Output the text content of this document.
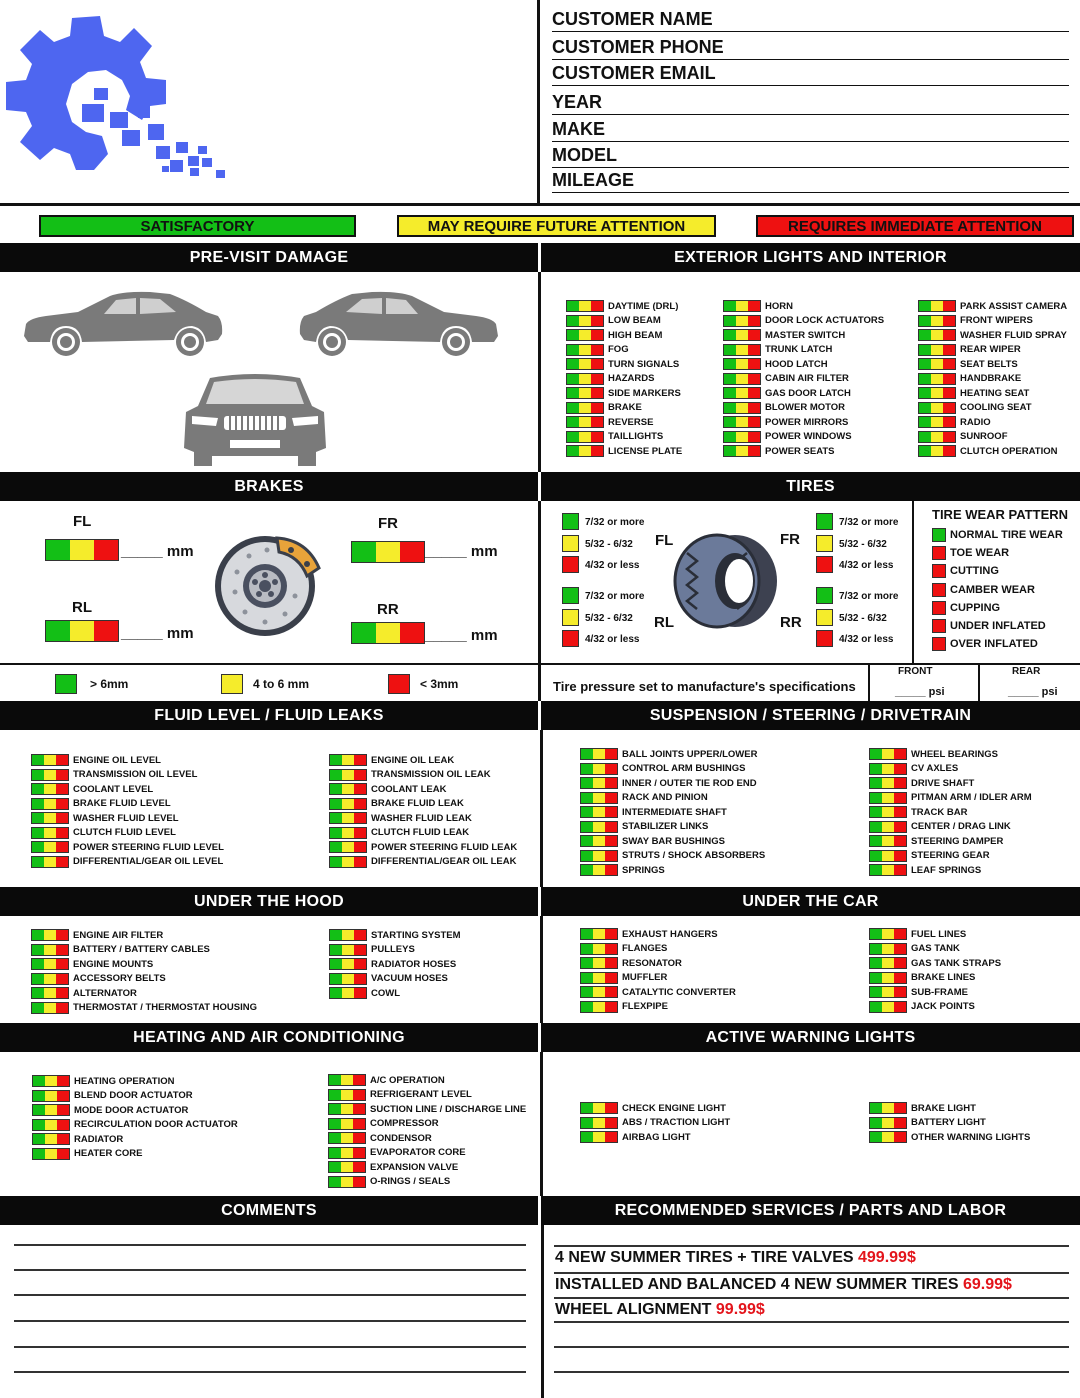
CUSTOMER NAME
CUSTOMER PHONE
CUSTOMER EMAIL
YEAR
MAKE
MODEL
MILEAGE
SATISFACTORY	MAY REQUIRE FUTURE ATTENTION	REQUIRES IMMEDIATE ATTENTION
PRE-VISIT DAMAGE	EXTERIOR LIGHTS AND INTERIOR
BRAKES	TIRES
FLUID LEVEL / FLUID LEAKS	SUSPENSION / STEERING / DRIVETRAIN
UNDER THE HOOD	UNDER THE CAR
HEATING AND AIR CONDITIONING	ACTIVE WARNING LIGHTS
COMMENTS	RECOMMENDED SERVICES / PARTS AND LABOR
DAYTIME (DRL)
LOW BEAM
HIGH BEAM
FOG
TURN SIGNALS
HAZARDS
SIDE MARKERS
BRAKE
REVERSE
TAILLIGHTS
LICENSE PLATE
HORN
DOOR LOCK ACTUATORS
MASTER SWITCH
TRUNK LATCH
HOOD LATCH
CABIN AIR FILTER
GAS DOOR LATCH
BLOWER MOTOR
POWER MIRRORS
POWER WINDOWS
POWER SEATS
PARK ASSIST CAMERA
FRONT WIPERS
WASHER FLUID SPRAY
REAR WIPER
SEAT BELTS
HANDBRAKE
HEATING SEAT
COOLING SEAT
RADIO
SUNROOF
CLUTCH OPERATION
FL
_____ mm
FR
_____ mm
RL
_____ mm
RR
_____ mm
> 6mm	4 to 6 mm	< 3mm
FL	FR
RL	RR
7/32 or more
5/32 - 6/32
4/32 or less
7/32 or more
5/32 - 6/32
4/32 or less
7/32 or more
5/32 - 6/32
4/32 or less
7/32 or more
5/32 - 6/32
4/32 or less
TIRE WEAR PATTERN
NORMAL TIRE WEAR
TOE WEAR
CUTTING
CAMBER WEAR
CUPPING
UNDER INFLATED
OVER INFLATED
Tire pressure set to manufacture's specifications
FRONT	REAR
_____ psi	_____ psi
ENGINE OIL LEVEL
TRANSMISSION OIL LEVEL
COOLANT LEVEL
BRAKE FLUID LEVEL
WASHER FLUID LEVEL
CLUTCH FLUID LEVEL
POWER STEERING FLUID LEVEL
DIFFERENTIAL/GEAR OIL LEVEL
ENGINE OIL LEAK
TRANSMISSION OIL LEAK
COOLANT LEAK
BRAKE FLUID LEAK
WASHER FLUID LEAK
CLUTCH FLUID LEAK
POWER STEERING FLUID LEAK
DIFFERENTIAL/GEAR OIL LEAK
BALL JOINTS UPPER/LOWER
CONTROL ARM BUSHINGS
INNER / OUTER TIE ROD END
RACK AND PINION
INTERMEDIATE SHAFT
STABILIZER LINKS
SWAY BAR BUSHINGS
STRUTS / SHOCK ABSORBERS
SPRINGS
WHEEL BEARINGS
CV AXLES
DRIVE SHAFT
PITMAN ARM / IDLER ARM
TRACK BAR
CENTER / DRAG LINK
STEERING DAMPER
STEERING GEAR
LEAF SPRINGS
ENGINE AIR FILTER
BATTERY / BATTERY CABLES
ENGINE MOUNTS
ACCESSORY BELTS
ALTERNATOR
THERMOSTAT / THERMOSTAT HOUSING
STARTING SYSTEM
PULLEYS
RADIATOR HOSES
VACUUM HOSES
COWL
EXHAUST HANGERS
FLANGES
RESONATOR
MUFFLER
CATALYTIC CONVERTER
FLEXPIPE
FUEL LINES
GAS TANK
GAS TANK STRAPS
BRAKE LINES
SUB-FRAME
JACK POINTS
HEATING OPERATION
BLEND DOOR ACTUATOR
MODE DOOR ACTUATOR
RECIRCULATION DOOR ACTUATOR
RADIATOR
HEATER CORE
A/C OPERATION
REFRIGERANT LEVEL
SUCTION LINE / DISCHARGE LINE
COMPRESSOR
CONDENSOR
EVAPORATOR CORE
EXPANSION VALVE
O-RINGS / SEALS
CHECK ENGINE LIGHT
ABS / TRACTION LIGHT
AIRBAG LIGHT
BRAKE LIGHT
BATTERY LIGHT
OTHER WARNING LIGHTS
4 NEW SUMMER TIRES + TIRE VALVES 499.99$
INSTALLED AND BALANCED 4 NEW SUMMER TIRES 69.99$
WHEEL ALIGNMENT 99.99$
